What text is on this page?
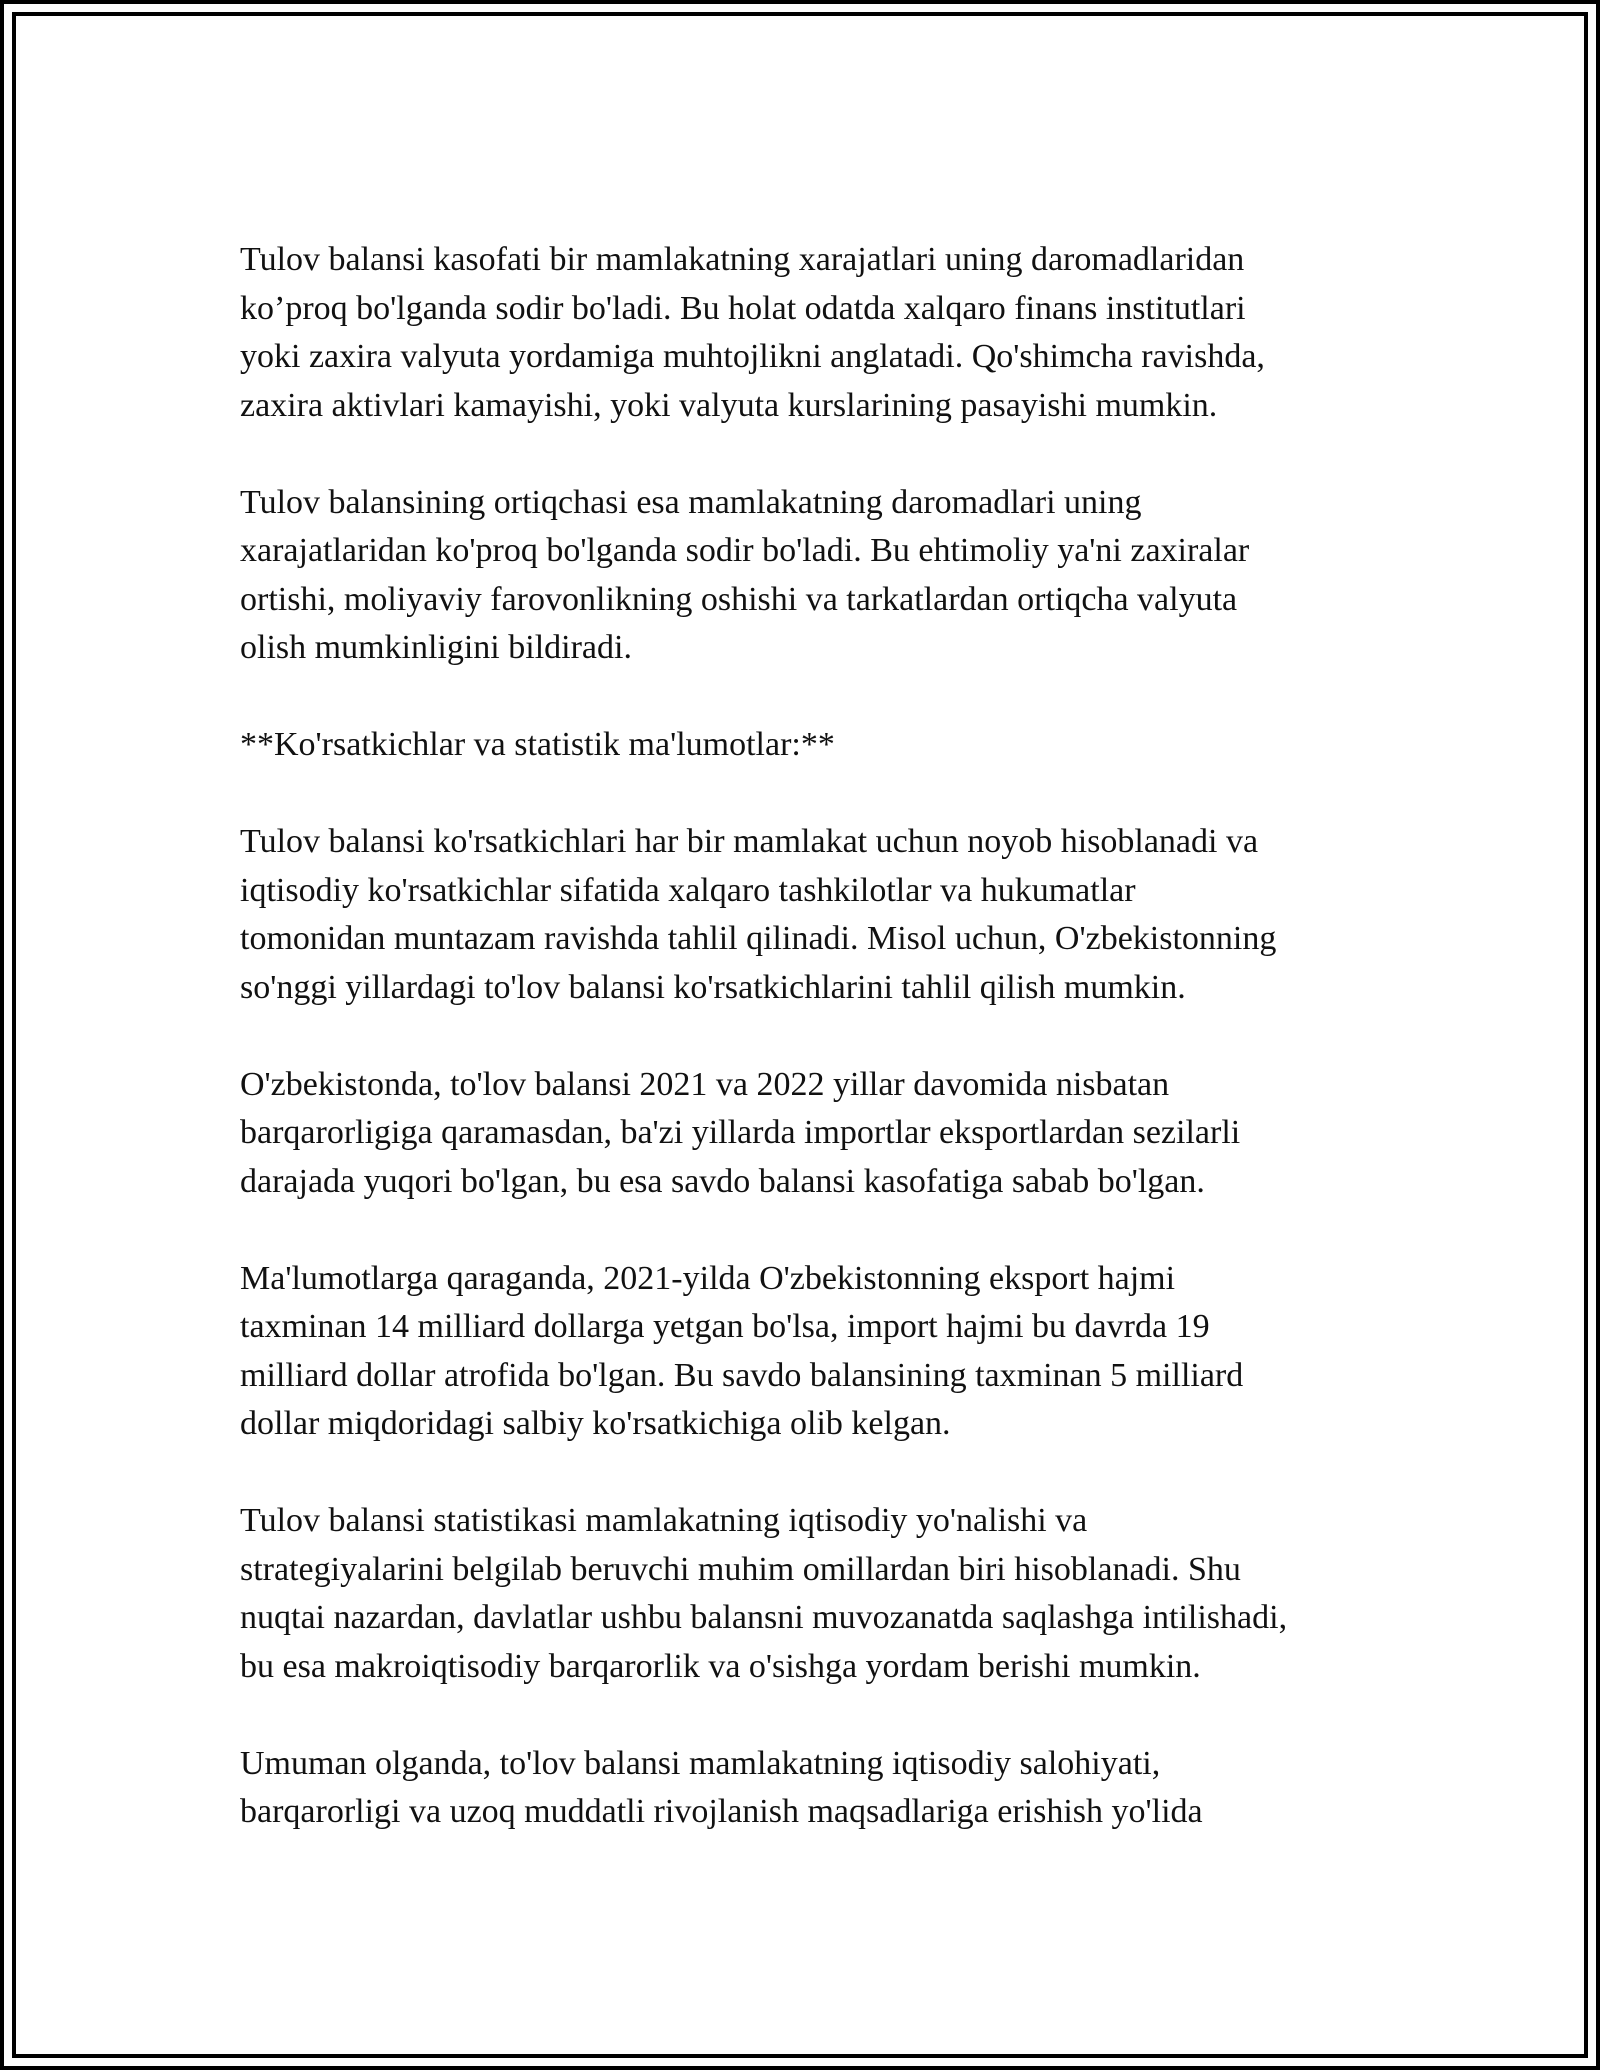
Tulov balansi kasofati bir mamlakatning xarajatlari uning daromadlaridan
ko’proq bo'lganda sodir bo'ladi. Bu holat odatda xalqaro finans institutlari
yoki zaxira valyuta yordamiga muhtojlikni anglatadi. Qo'shimcha ravishda,
zaxira aktivlari kamayishi, yoki valyuta kurslarining pasayishi mumkin.

Tulov balansining ortiqchasi esa mamlakatning daromadlari uning
xarajatlaridan ko'proq bo'lganda sodir bo'ladi. Bu ehtimoliy ya'ni zaxiralar
ortishi, moliyaviy farovonlikning oshishi va tarkatlardan ortiqcha valyuta
olish mumkinligini bildiradi.

**Ko'rsatkichlar va statistik ma'lumotlar:**

Tulov balansi ko'rsatkichlari har bir mamlakat uchun noyob hisoblanadi va
iqtisodiy ko'rsatkichlar sifatida xalqaro tashkilotlar va hukumatlar
tomonidan muntazam ravishda tahlil qilinadi. Misol uchun, O'zbekistonning
so'nggi yillardagi to'lov balansi ko'rsatkichlarini tahlil qilish mumkin.

O'zbekistonda, to'lov balansi 2021 va 2022 yillar davomida nisbatan
barqarorligiga qaramasdan, ba'zi yillarda importlar eksportlardan sezilarli
darajada yuqori bo'lgan, bu esa savdo balansi kasofatiga sabab bo'lgan.

Ma'lumotlarga qaraganda, 2021-yilda O'zbekistonning eksport hajmi
taxminan 14 milliard dollarga yetgan bo'lsa, import hajmi bu davrda 19
milliard dollar atrofida bo'lgan. Bu savdo balansining taxminan 5 milliard
dollar miqdoridagi salbiy ko'rsatkichiga olib kelgan.

Tulov balansi statistikasi mamlakatning iqtisodiy yo'nalishi va
strategiyalarini belgilab beruvchi muhim omillardan biri hisoblanadi. Shu
nuqtai nazardan, davlatlar ushbu balansni muvozanatda saqlashga intilishadi,
bu esa makroiqtisodiy barqarorlik va o'sishga yordam berishi mumkin.

Umuman olganda, to'lov balansi mamlakatning iqtisodiy salohiyati,
barqarorligi va uzoq muddatli rivojlanish maqsadlariga erishish yo'lida
